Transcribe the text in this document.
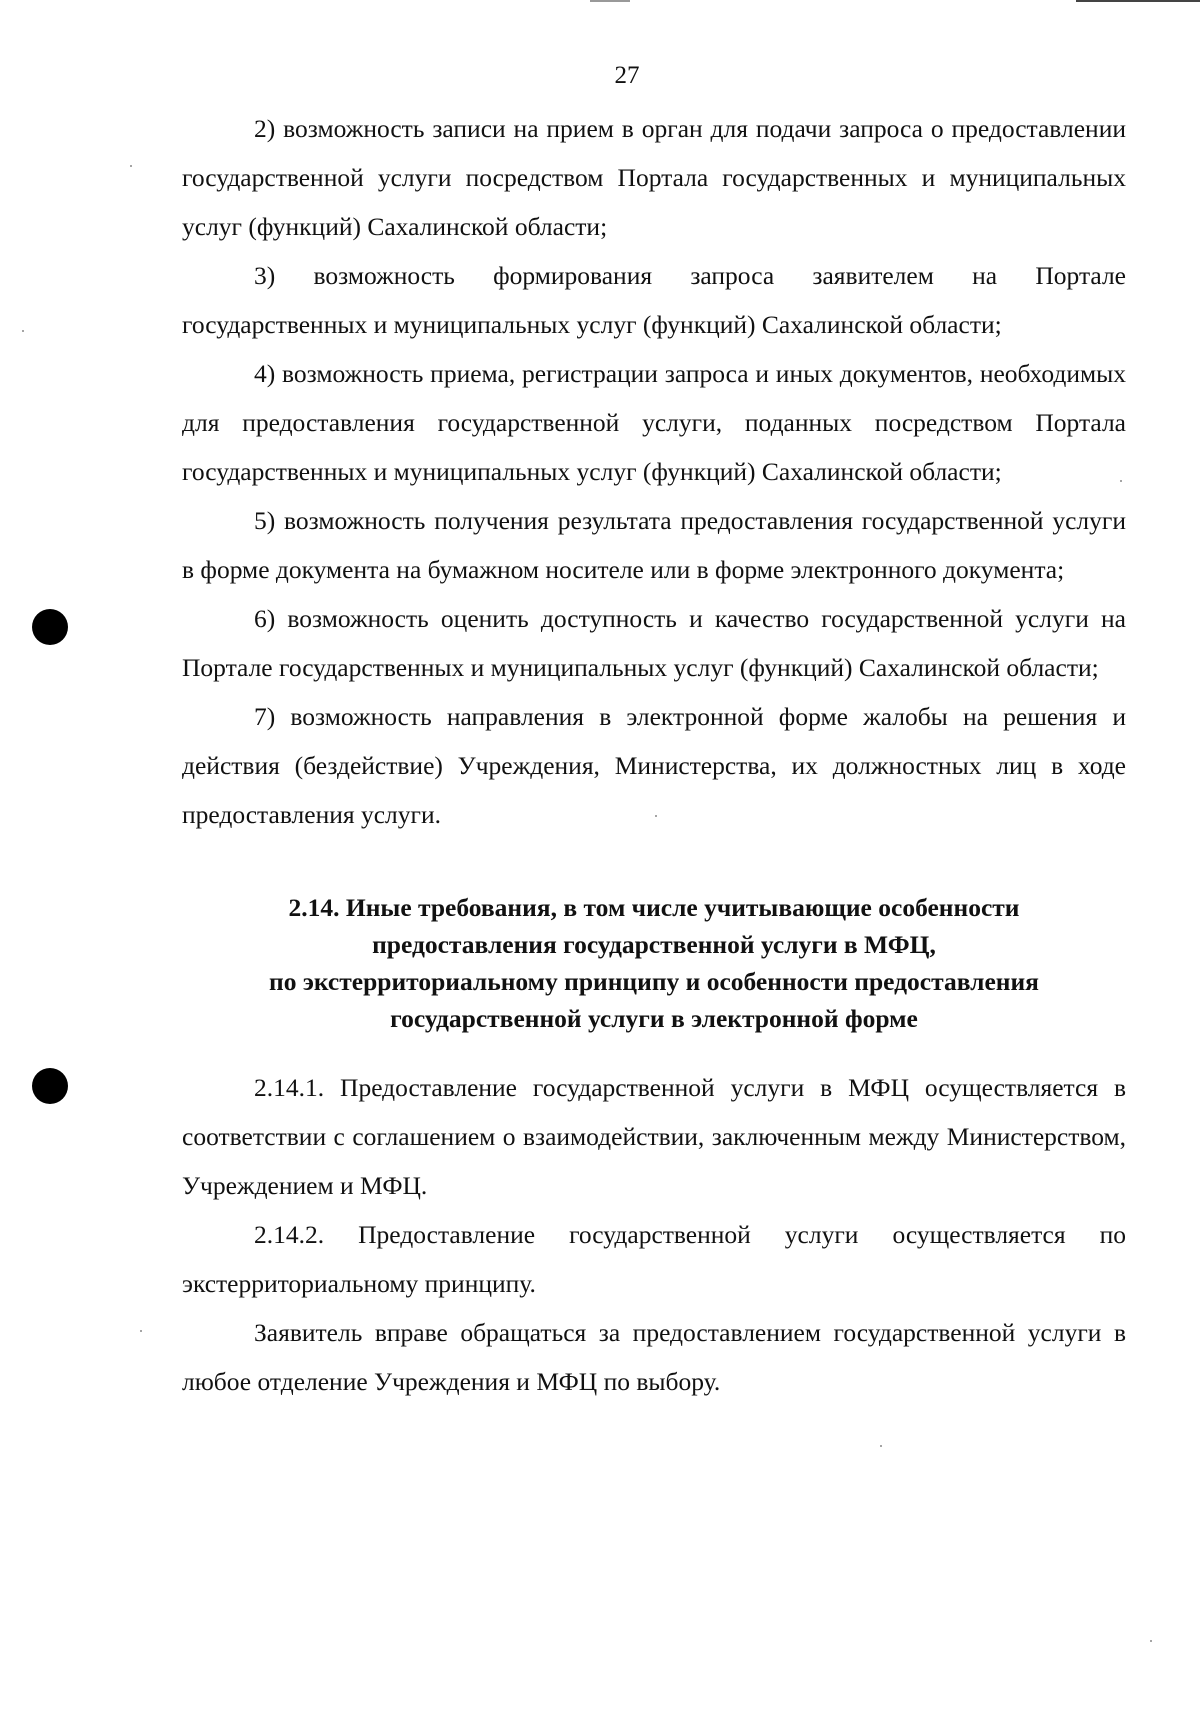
27

2) возможность записи на прием в орган для подачи запроса о предоставлении государственной услуги посредством Портала государственных и муниципальных услуг (функций) Сахалинской области;

3) возможность формирования запроса заявителем на Портале государственных и муниципальных услуг (функций) Сахалинской области;

4) возможность приема, регистрации запроса и иных документов, необходимых для предоставления государственной услуги, поданных посредством Портала государственных и муниципальных услуг (функций) Сахалинской области;

5) возможность получения результата предоставления государственной услуги в форме документа на бумажном носителе или в форме электронного документа;

6) возможность оценить доступность и качество государственной услуги на Портале государственных и муниципальных услуг (функций) Сахалинской области;

7) возможность направления в электронной форме жалобы на решения и действия (бездействие) Учреждения, Министерства, их должностных лиц в ходе предоставления услуги.

2.14. Иные требования, в том числе учитывающие особенности
предоставления государственной услуги в МФЦ,
по экстерриториальному принципу и особенности предоставления
государственной услуги в электронной форме

2.14.1. Предоставление государственной услуги в МФЦ осуществляется в соответствии с соглашением о взаимодействии, заключенным между Министерством, Учреждением и МФЦ.

2.14.2. Предоставление государственной услуги осуществляется по экстерриториальному принципу.

Заявитель вправе обращаться за предоставлением государственной услуги в любое отделение Учреждения и МФЦ по выбору.
